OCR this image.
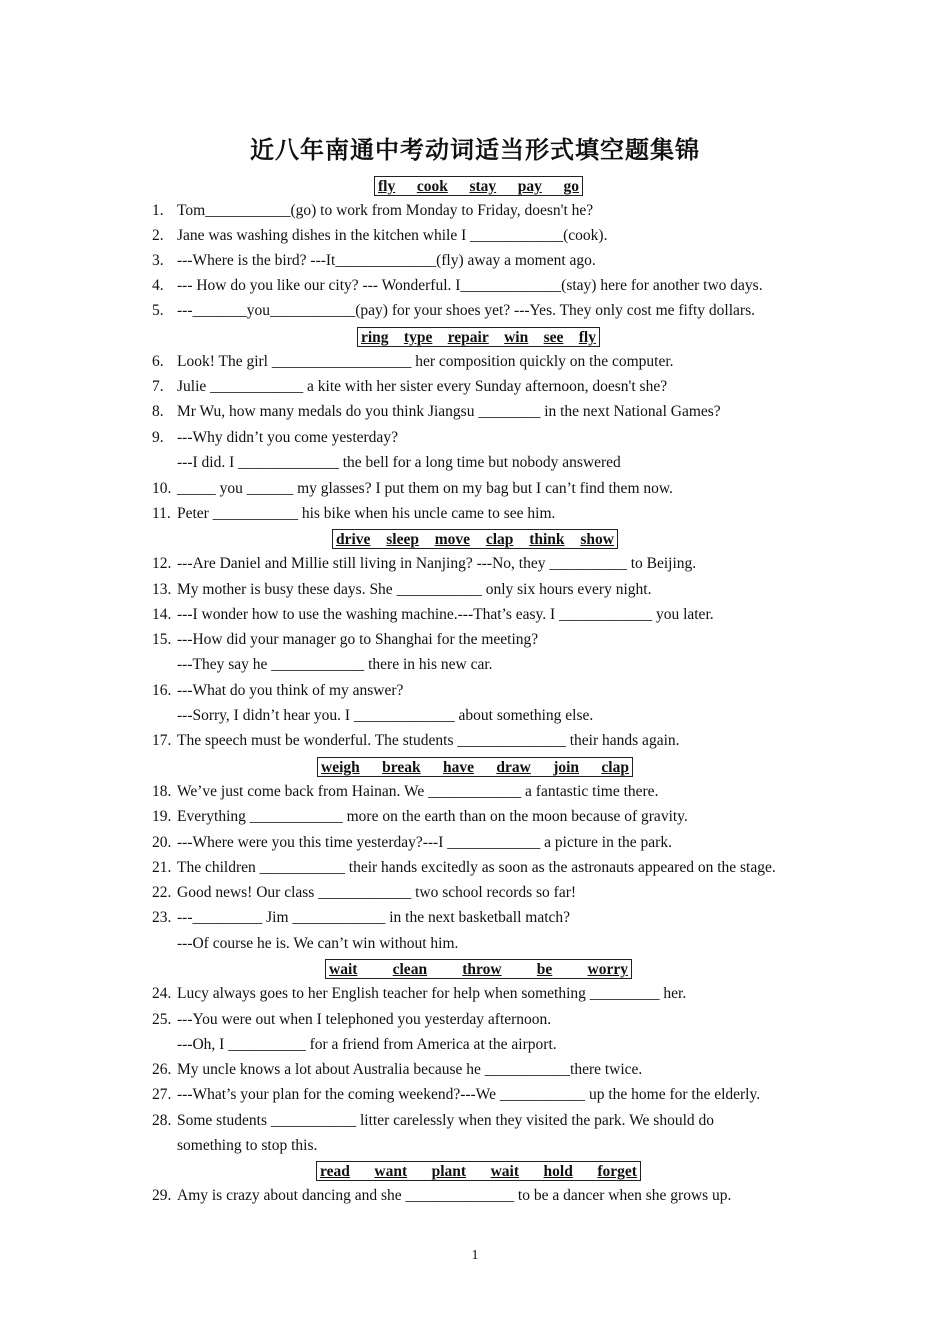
近八年南通中考动词适当形式填空题集锦
fly cook stay pay go
1. Tom___________(go) to work from Monday to Friday, doesn't he?
2. Jane was washing dishes in the kitchen while I ____________(cook).
3. ---Where is the bird? ---It_____________(fly) away a moment ago.
4. --- How do you like our city? --- Wonderful. I_____________(stay) here for another two days.
5. ---_______you___________(pay) for your shoes yet? ---Yes. They only cost me fifty dollars.
ring type repair win see fly
6. Look! The girl __________________ her composition quickly on the computer.
7. Julie ____________ a kite with her sister every Sunday afternoon, doesn't she?
8. Mr Wu, how many medals do you think Jiangsu ________ in the next National Games?
9. ---Why didn’t you come yesterday?
---I did. I _____________ the bell for a long time but nobody answered
10. _____ you ______ my glasses? I put them on my bag but I can’t find them now.
11. Peter ___________ his bike when his uncle came to see him.
drive sleep move clap think show
12. ---Are Daniel and Millie still living in Nanjing? ---No, they __________ to Beijing.
13. My mother is busy these days. She ___________ only six hours every night.
14. ---I wonder how to use the washing machine.---That’s easy. I ____________ you later.
15. ---How did your manager go to Shanghai for the meeting?
---They say he ____________ there in his new car.
16. ---What do you think of my answer?
---Sorry, I didn’t hear you. I _____________ about something else.
17. The speech must be wonderful. The students ______________ their hands again.
weigh break have draw join clap
18. We’ve just come back from Hainan. We ____________ a fantastic time there.
19. Everything ____________ more on the earth than on the moon because of gravity.
20. ---Where were you this time yesterday?---I ____________ a picture in the park.
21. The children ___________ their hands excitedly as soon as the astronauts appeared on the stage.
22. Good news! Our class ____________ two school records so far!
23. ---_________ Jim ____________ in the next basketball match?
---Of course he is. We can’t win without him.
wait clean throw be worry
24. Lucy always goes to her English teacher for help when something _________ her.
25. ---You were out when I telephoned you yesterday afternoon.
---Oh, I __________ for a friend from America at the airport.
26. My uncle knows a lot about Australia because he ___________there twice.
27. ---What’s your plan for the coming weekend?---We ___________ up the home for the elderly.
28. Some students ___________ litter carelessly when they visited the park. We should do
something to stop this.
read want plant wait hold forget
29. Amy is crazy about dancing and she ______________ to be a dancer when she grows up.
1
